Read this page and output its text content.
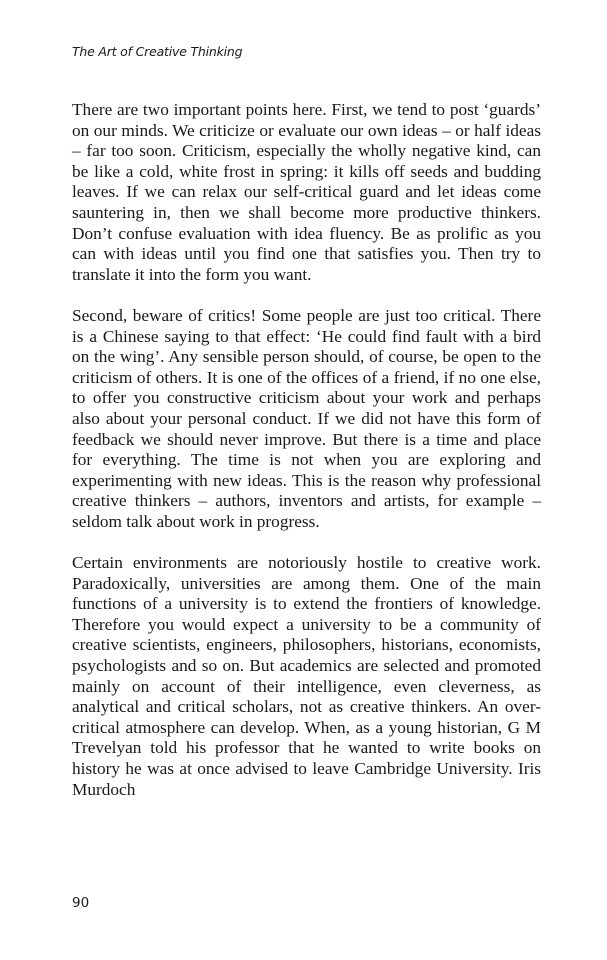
The Art of Creative Thinking

There are two important points here. First, we tend to post ‘guards’ on our minds. We criticize or evaluate our own ideas – or half ideas – far too soon. Criticism, especially the wholly negative kind, can be like a cold, white frost in spring: it kills off seeds and budding leaves. If we can relax our self-critical guard and let ideas come sauntering in, then we shall become more productive thinkers. Don’t confuse evaluation with idea fluency. Be as prolific as you can with ideas until you find one that satisfies you. Then try to translate it into the form you want.

Second, beware of critics! Some people are just too critical. There is a Chinese saying to that effect: ‘He could find fault with a bird on the wing’. Any sensible person should, of course, be open to the criticism of others. It is one of the offices of a friend, if no one else, to offer you constructive criticism about your work and perhaps also about your personal conduct. If we did not have this form of feedback we should never improve. But there is a time and place for everything. The time is not when you are exploring and experimenting with new ideas. This is the reason why professional creative thinkers – authors, inventors and artists, for example – seldom talk about work in progress.

Certain environments are notoriously hostile to creative work. Paradoxically, universities are among them. One of the main functions of a university is to extend the frontiers of knowledge. Therefore you would expect a university to be a community of creative scientists, engineers, philosophers, historians, economists, psychologists and so on. But academics are selected and promoted mainly on account of their intelligence, even cleverness, as analytical and critical scholars, not as creative thinkers. An over-critical atmosphere can develop. When, as a young historian, G M Trevelyan told his professor that he wanted to write books on history he was at once advised to leave Cambridge University. Iris Murdoch

90
